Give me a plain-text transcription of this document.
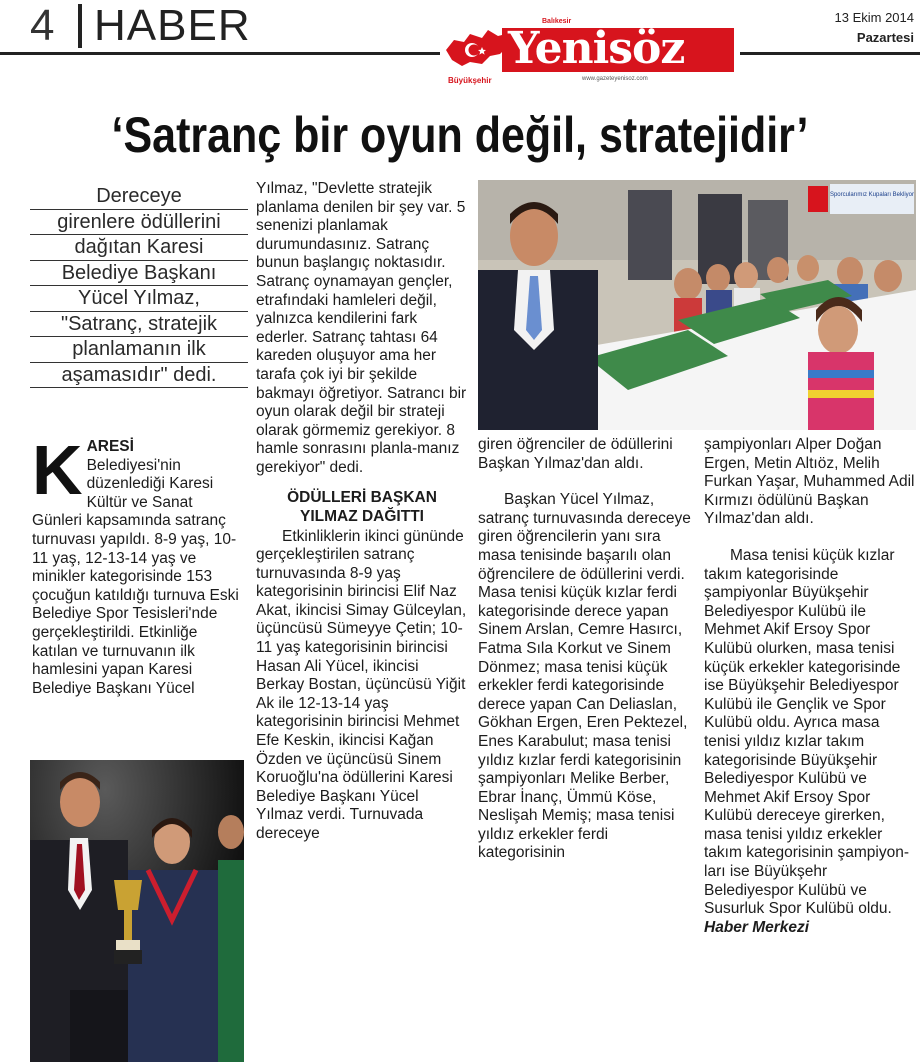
4 HABER	Balıkesir
Yenisöz
Büyükşehir	www.gazeteyenisoz.com
13 Ekim 2014
Pazartesi
‘Satranç bir oyun değil, stratejidir’
Dereceye
girenlere ödüllerini
dağıtan Karesi
Belediye Başkanı
Yücel Yılmaz,
"Satranç, stratejik
planlamanın ilk
aşamasıdır" dedi.
K ARESİ
Belediyesi'nin düzenlediği Karesi Kültür ve Sanat Günleri kapsamında satranç turnuvası yapıldı. 8-9 yaş, 10-11 yaş, 12-13-14 yaş ve minikler kategorisinde 153 çocuğun katıldığı turnuva Eski Belediye Spor Tesisleri'nde gerçekleştirildi. Etkinliğe katılan ve turnuvanın ilk hamlesini yapan Karesi Belediye Başkanı Yücel

Yılmaz, "Devlette stratejik planlama denilen bir şey var. 5 senenizi planlamak durumundasınız. Satranç bunun başlangıç noktasıdır. Satranç oynamayan gençler, etrafındaki hamleleri değil, yalnızca kendilerini fark ederler. Satranç tahtası 64 kareden oluşuyor ama her tarafa çok iyi bir şekilde bakmayı öğretiyor. Satrancı bir oyun olarak değil bir strateji olarak görmemiz gerekiyor. 8 hamle sonrasını planla-manız gerekiyor" dedi.

ÖDÜLLERİ BAŞKAN
YILMAZ DAĞITTI

Etkinliklerin ikinci gününde gerçekleştirilen satranç turnuvasında 8-9 yaş kategorisinin birincisi Elif Naz Akat, ikincisi Simay Gülceylan, üçüncüsü Sümeyye Çetin; 10-11 yaş kategorisinin birincisi Hasan Ali Yücel, ikincisi Berkay Bostan, üçüncüsü Yiğit Ak ile 12-13-14 yaş kategorisinin birincisi Mehmet Efe Keskin, ikincisi Kağan Özden ve üçüncüsü Sinem Koruoğlu'na ödüllerini Karesi Belediye Başkanı Yücel Yılmaz verdi. Turnuvada dereceye

Sporcularımız Kupaları Bekliyor

giren öğrenciler de ödüllerini Başkan Yılmaz'dan aldı.

Başkan Yücel Yılmaz, satranç turnuvasında dereceye giren öğrencilerin yanı sıra masa tenisinde başarılı olan öğrencilere de ödüllerini verdi. Masa tenisi küçük kızlar ferdi kategorisinde derece yapan Sinem Arslan, Cemre Hasırcı, Fatma Sıla Korkut ve Sinem Dönmez; masa tenisi küçük erkekler ferdi kategorisinde derece yapan Can Deliaslan, Gökhan Ergen, Eren Pektezel, Enes Karabulut; masa tenisi yıldız kızlar ferdi kategorisinin şampiyonları Melike Berber, Ebrar İnanç, Ümmü Köse, Neslişah Memiş; masa tenisi yıldız erkekler ferdi kategorisinin

şampiyonları Alper Doğan Ergen, Metin Altıöz, Melih Furkan Yaşar, Muhammed Adil Kırmızı ödülünü Başkan Yılmaz'dan aldı.

Masa tenisi küçük kızlar takım kategorisinde şampiyonlar Büyükşehir Belediyespor Kulübü ile Mehmet Akif Ersoy Spor Kulübü olurken, masa tenisi küçük erkekler kategorisinde ise Büyükşehir Belediyespor Kulübü ile Gençlik ve Spor Kulübü oldu. Ayrıca masa tenisi yıldız kızlar takım kategorisinde Büyükşehir Belediyespor Kulübü ve Mehmet Akif Ersoy Spor Kulübü dereceye girerken, masa tenisi yıldız erkekler takım kategorisinin şampiyon-ları ise Büyükşehr Belediyespor Kulübü ve Susurluk Spor Kulübü oldu. Haber Merkezi
